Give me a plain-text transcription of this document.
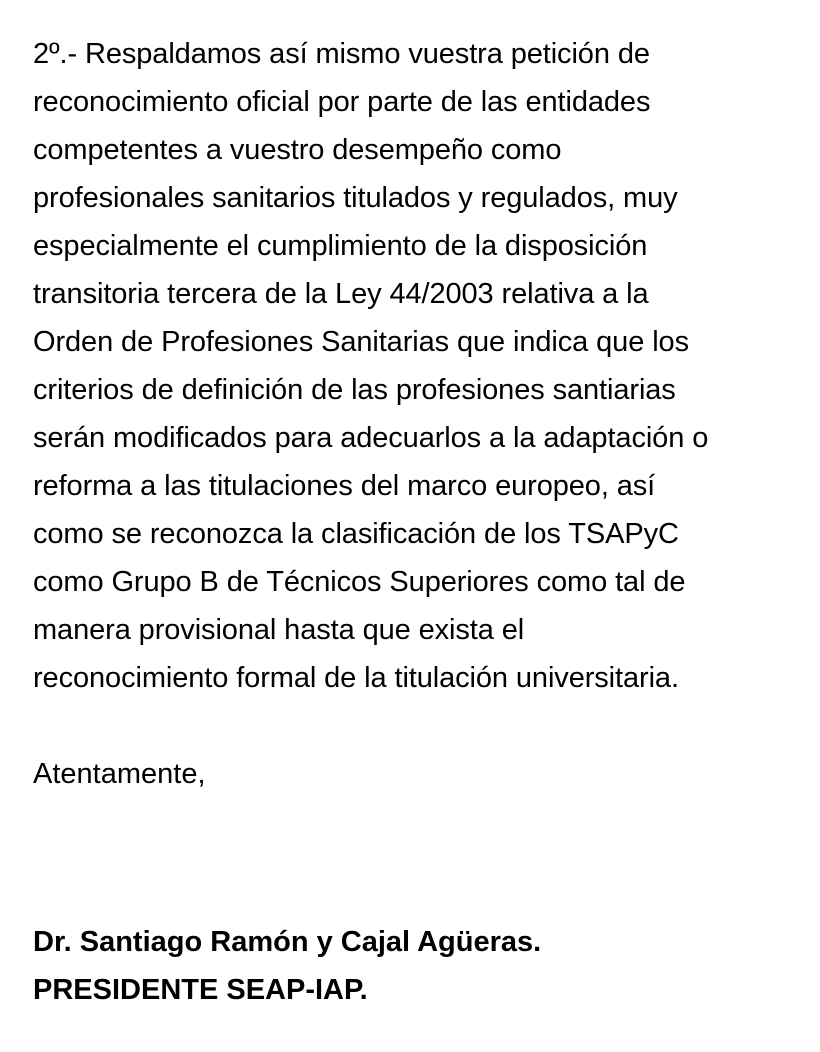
2º.- Respaldamos así mismo vuestra petición de
reconocimiento oficial por parte de las entidades
competentes a vuestro desempeño como
profesionales sanitarios titulados y regulados, muy
especialmente el cumplimiento de la disposición
transitoria tercera de la Ley 44/2003 relativa a la
Orden de Profesiones Sanitarias que indica que los
criterios de definición de las profesiones santiarias
serán modificados para adecuarlos a la adaptación o
reforma a las titulaciones del marco europeo, así
como se reconozca la clasificación de los TSAPyC
como Grupo B de Técnicos Superiores como tal de
manera provisional hasta que exista el
reconocimiento formal de la titulación universitaria.
Atentamente,
Dr. Santiago Ramón y Cajal Agüeras.
PRESIDENTE SEAP-IAP.
